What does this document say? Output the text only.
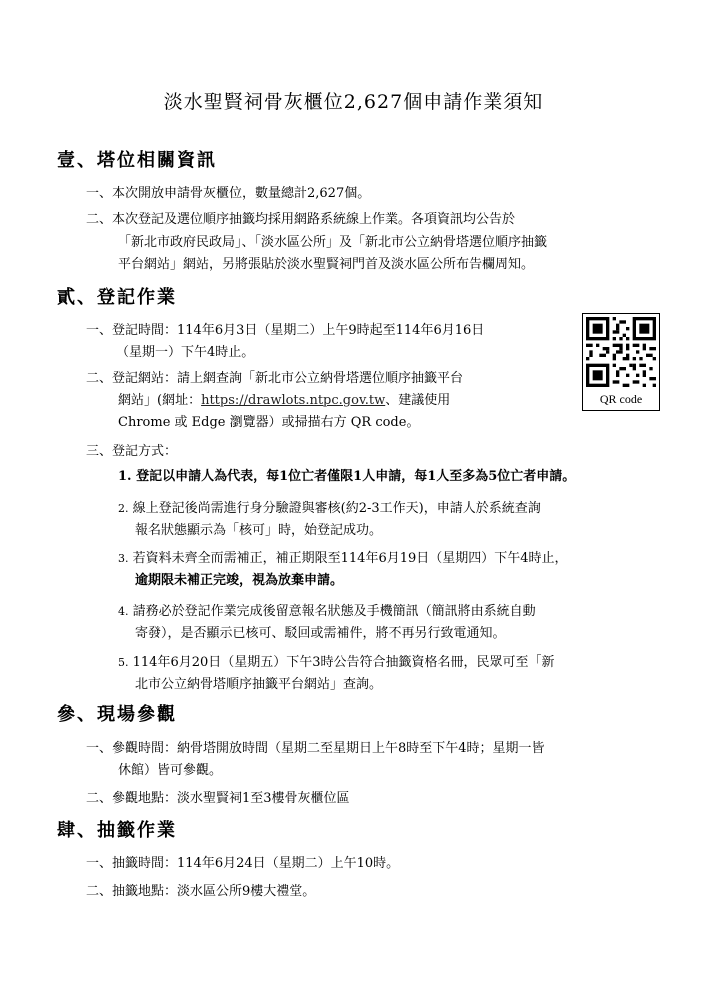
淡水聖賢祠骨灰櫃位2,627個申請作業須知
壹、塔位相關資訊
一、本次開放申請骨灰櫃位，數量總計2,627個。
二、本次登記及選位順序抽籤均採用網路系統線上作業。各項資訊均公告於
「新北市政府民政局」、「淡水區公所」及「新北市公立納骨塔選位順序抽籤
平台網站」網站，另將張貼於淡水聖賢祠門首及淡水區公所布告欄周知。
貳、登記作業
一、登記時間：114年6月3日（星期二）上午9時起至114年6月16日
（星期一）下午4時止。
二、登記網站：請上網查詢「新北市公立納骨塔選位順序抽籤平台
網站」(網址：https://drawlots.ntpc.gov.tw、建議使用
Chrome 或 Edge 瀏覽器）或掃描右方 QR code。
QR code
三、登記方式：
1. 登記以申請人為代表，每1位亡者僅限1人申請，每1人至多為5位亡者申請。
2. 線上登記後尚需進行身分驗證與審核(約2-3工作天)，申請人於系統查詢
報名狀態顯示為「核可」時，始登記成功。
3. 若資料未齊全而需補正，補正期限至114年6月19日（星期四）下午4時止，
逾期限未補正完竣，視為放棄申請。
4. 請務必於登記作業完成後留意報名狀態及手機簡訊（簡訊將由系統自動
寄發），是否顯示已核可、駁回或需補件，將不再另行致電通知。
5. 114年6月20日（星期五）下午3時公告符合抽籤資格名冊，民眾可至「新
北市公立納骨塔順序抽籤平台網站」查詢。
參、現場參觀
一、參觀時間：納骨塔開放時間（星期二至星期日上午8時至下午4時；星期一皆
休館）皆可參觀。
二、參觀地點：淡水聖賢祠1至3樓骨灰櫃位區
肆、抽籤作業
一、抽籤時間：114年6月24日（星期二）上午10時。
二、抽籤地點：淡水區公所9樓大禮堂。
